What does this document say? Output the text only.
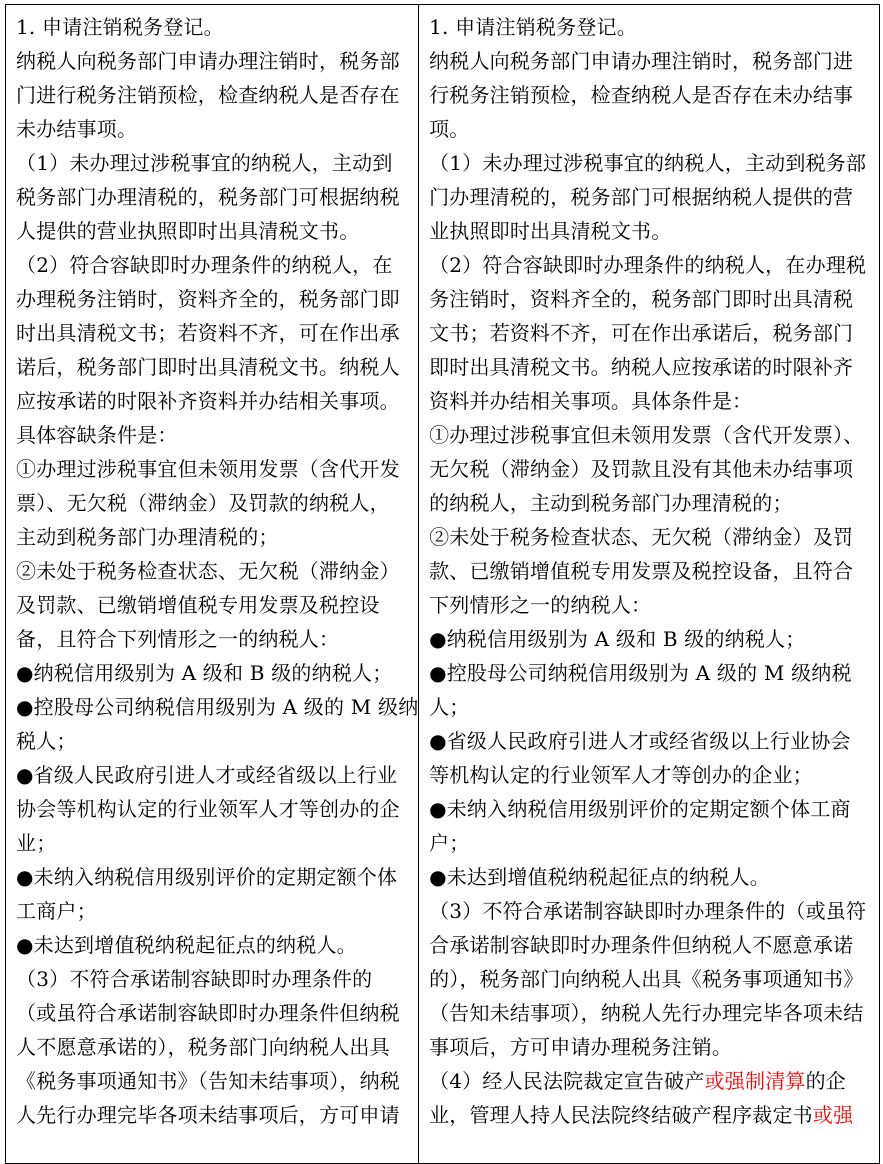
1. 申请注销税务登记。
纳税人向税务部门申请办理注销时，税务部
门进行税务注销预检，检查纳税人是否存在
未办结事项。
（1）未办理过涉税事宜的纳税人，主动到
税务部门办理清税的，税务部门可根据纳税
人提供的营业执照即时出具清税文书。
（2）符合容缺即时办理条件的纳税人，在
办理税务注销时，资料齐全的，税务部门即
时出具清税文书；若资料不齐，可在作出承
诺后，税务部门即时出具清税文书。纳税人
应按承诺的时限补齐资料并办结相关事项。
具体容缺条件是：
①办理过涉税事宜但未领用发票（含代开发
票）、无欠税（滞纳金）及罚款的纳税人，
主动到税务部门办理清税的；
②未处于税务检查状态、无欠税（滞纳金）
及罚款、已缴销增值税专用发票及税控设
备，且符合下列情形之一的纳税人：
●纳税信用级别为 A 级和 B 级的纳税人；
●控股母公司纳税信用级别为 A 级的 M 级纳
税人；
●省级人民政府引进人才或经省级以上行业
协会等机构认定的行业领军人才等创办的企
业；
●未纳入纳税信用级别评价的定期定额个体
工商户；
●未达到增值税纳税起征点的纳税人。
（3）不符合承诺制容缺即时办理条件的
（或虽符合承诺制容缺即时办理条件但纳税
人不愿意承诺的），税务部门向纳税人出具
《税务事项通知书》（告知未结事项），纳税
人先行办理完毕各项未结事项后，方可申请
1. 申请注销税务登记。
纳税人向税务部门申请办理注销时，税务部门进
行税务注销预检，检查纳税人是否存在未办结事
项。
（1）未办理过涉税事宜的纳税人，主动到税务部
门办理清税的，税务部门可根据纳税人提供的营
业执照即时出具清税文书。
（2）符合容缺即时办理条件的纳税人，在办理税
务注销时，资料齐全的，税务部门即时出具清税
文书；若资料不齐，可在作出承诺后，税务部门
即时出具清税文书。纳税人应按承诺的时限补齐
资料并办结相关事项。具体条件是：
①办理过涉税事宜但未领用发票（含代开发票）、
无欠税（滞纳金）及罚款且没有其他未办结事项
的纳税人，主动到税务部门办理清税的；
②未处于税务检查状态、无欠税（滞纳金）及罚
款、已缴销增值税专用发票及税控设备，且符合
下列情形之一的纳税人：
●纳税信用级别为 A 级和 B 级的纳税人；
●控股母公司纳税信用级别为 A 级的 M 级纳税
人；
●省级人民政府引进人才或经省级以上行业协会
等机构认定的行业领军人才等创办的企业；
●未纳入纳税信用级别评价的定期定额个体工商
户；
●未达到增值税纳税起征点的纳税人。
（3）不符合承诺制容缺即时办理条件的（或虽符
合承诺制容缺即时办理条件但纳税人不愿意承诺
的），税务部门向纳税人出具《税务事项通知书》
（告知未结事项），纳税人先行办理完毕各项未结
事项后，方可申请办理税务注销。
（4）经人民法院裁定宣告破产或强制清算的企
业，管理人持人民法院终结破产程序裁定书或强
